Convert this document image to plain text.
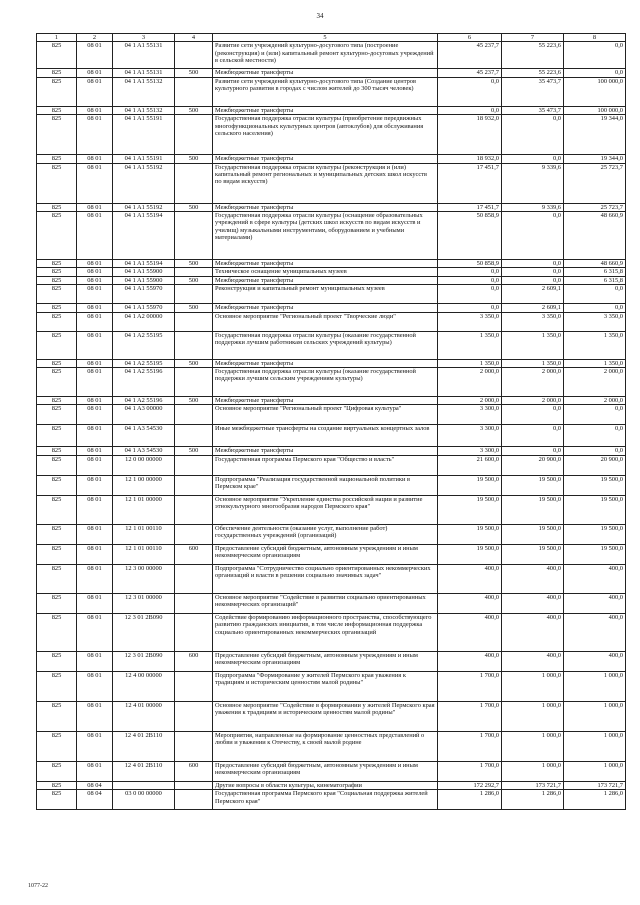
34
1	2	3	4	5	6	7	8
825	08 01	04 1 A1 55131		Развитие сети учреждений культурно-досугового типа (построение (реконструкция) и (или) капитальный ремонт культурно-досуговых учреждений в сельской местности)	45 237,7	55 223,6	0,0
825	08 01	04 1 A1 55131	500	Межбюджетные трансферты	45 237,7	55 223,6	0,0
825	08 01	04 1 A1 55132		Развитие сети учреждений культурно-досугового типа (Создание центров культурного развития в городах с числом жителей до 300 тысяч человек)	0,0	35 473,7	100 000,0
825	08 01	04 1 A1 55132	500	Межбюджетные трансферты	0,0	35 473,7	100 000,0
825	08 01	04 1 A1 55191		Государственная поддержка отрасли культуры (приобретение передвижных многофункциональных культурных центров (автоклубов) для обслуживания сельского населения)	18 932,0	0,0	19 344,0
825	08 01	04 1 A1 55191	500	Межбюджетные трансферты	18 932,0	0,0	19 344,0
825	08 01	04 1 A1 55192		Государственная поддержка отрасли культуры (реконструкция и (или) капитальный ремонт региональных и муниципальных детских школ искусств по видам искусств)	17 451,7	9 339,6	25 723,7
825	08 01	04 1 A1 55192	500	Межбюджетные трансферты	17 451,7	9 339,6	25 723,7
825	08 01	04 1 A1 55194		Государственная поддержка отрасли культуры (оснащение образовательных учреждений в сфере культуры (детских школ искусств по видам искусств и училищ) музыкальными инструментами, оборудованием и учебными материалами)	50 858,9	0,0	48 660,9
825	08 01	04 1 A1 55194	500	Межбюджетные трансферты	50 858,9	0,0	48 660,9
825	08 01	04 1 A1 55900		Техническое оснащение муниципальных музеев	0,0	0,0	6 315,8
825	08 01	04 1 A1 55900	500	Межбюджетные трансферты	0,0	0,0	6 315,8
825	08 01	04 1 A1 55970		Реконструкция и капитальный ремонт муниципальных музеев	0,0	2 609,1	0,0
825	08 01	04 1 A1 55970	500	Межбюджетные трансферты	0,0	2 609,1	0,0
825	08 01	04 1 A2 00000		Основное мероприятие "Региональный проект "Творческие люди"	3 350,0	3 350,0	3 350,0
825	08 01	04 1 A2 55195		Государственная поддержка отрасли культуры (оказание государственной поддержки лучшим работникам сельских учреждений культуры)	1 350,0	1 350,0	1 350,0
825	08 01	04 1 A2 55195	500	Межбюджетные трансферты	1 350,0	1 350,0	1 350,0
825	08 01	04 1 A2 55196		Государственная поддержка отрасли культуры (оказание государственной поддержки лучшим сельским учреждениям культуры)	2 000,0	2 000,0	2 000,0
825	08 01	04 1 A2 55196	500	Межбюджетные трансферты	2 000,0	2 000,0	2 000,0
825	08 01	04 1 A3 00000		Основное мероприятие "Региональный проект "Цифровая культура"	3 300,0	0,0	0,0
825	08 01	04 1 A3 54530		Иные межбюджетные трансферты на создание виртуальных концертных залов	3 300,0	0,0	0,0
825	08 01	04 1 A3 54530	500	Межбюджетные трансферты	3 300,0	0,0	0,0
825	08 01	12 0 00 00000		Государственная программа Пермского края "Общество и власть"	21 600,0	20 900,0	20 900,0
825	08 01	12 1 00 00000		Подпрограмма "Реализация государственной национальной политики в Пермском крае"	19 500,0	19 500,0	19 500,0
825	08 01	12 1 01 00000		Основное мероприятие "Укрепление единства российской нации и развитие этнокультурного многообразия народов Пермского края"	19 500,0	19 500,0	19 500,0
825	08 01	12 1 01 00110		Обеспечение деятельности (оказание услуг, выполнение работ) государственных учреждений (организаций)	19 500,0	19 500,0	19 500,0
825	08 01	12 1 01 00110	600	Предоставление субсидий бюджетным, автономным учреждениям и иным некоммерческим организациям	19 500,0	19 500,0	19 500,0
825	08 01	12 3 00 00000		Подпрограмма "Сотрудничество социально ориентированных некоммерческих организаций и власти в решении социально значимых задач"	400,0	400,0	400,0
825	08 01	12 3 01 00000		Основное мероприятие "Содействие в развитии социально ориентированных некоммерческих организаций"	400,0	400,0	400,0
825	08 01	12 3 01 2B090		Содействие формированию информационного пространства, способствующего развитию гражданских инициатив, в том числе информационная поддержка социально ориентированных некоммерческих организаций	400,0	400,0	400,0
825	08 01	12 3 01 2B090	600	Предоставление субсидий бюджетным, автономным учреждениям и иным некоммерческим организациям	400,0	400,0	400,0
825	08 01	12 4 00 00000		Подпрограмма "Формирование у жителей Пермского края уважения к традициям и историческим ценностям малой родины"	1 700,0	1 000,0	1 000,0
825	08 01	12 4 01 00000		Основное мероприятие "Содействие в формировании у жителей Пермского края уважения к традициям и историческим ценностям малой родины"	1 700,0	1 000,0	1 000,0
825	08 01	12 4 01 2B110		Мероприятия, направленные на формирование ценностных представлений о любви и уважении к Отечеству, к своей малой родине	1 700,0	1 000,0	1 000,0
825	08 01	12 4 01 2B110	600	Предоставление субсидий бюджетным, автономным учреждениям и иным некоммерческим организациям	1 700,0	1 000,0	1 000,0
825	08 04			Другие вопросы в области культуры, кинематографии	172 292,7	173 721,7	173 721,7
825	08 04	03 0 00 00000		Государственная программа Пермского края "Социальная поддержка жителей Пермского края"	1 286,0	1 286,0	1 286,0
1077-22
